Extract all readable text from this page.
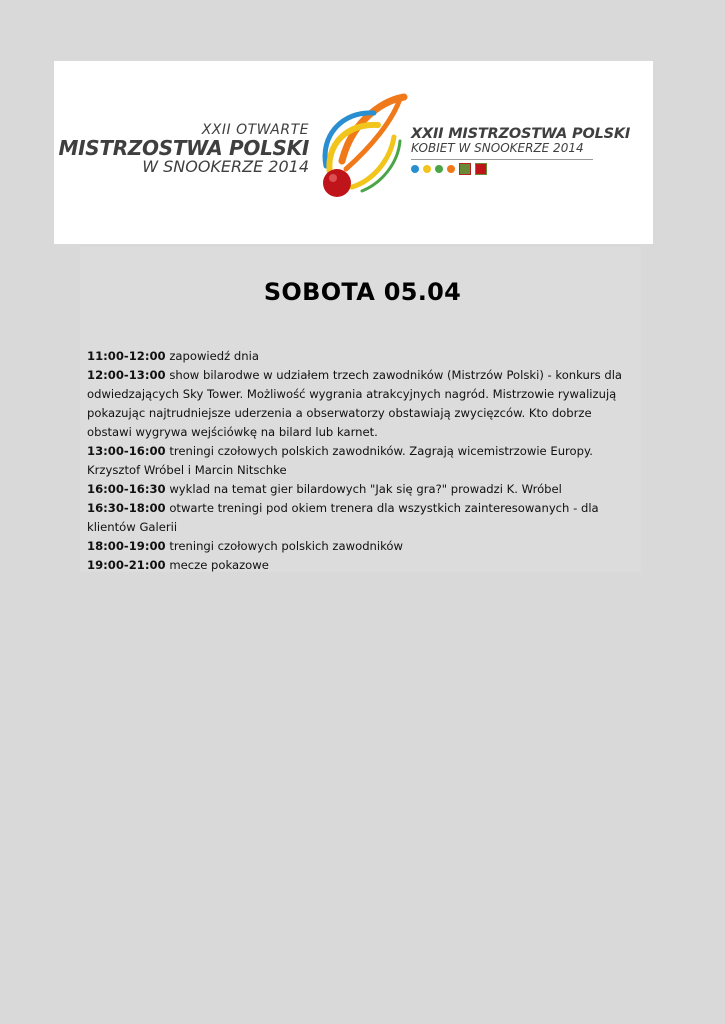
XXII OTWARTE
MISTRZOSTWA POLSKI
W SNOOKERZE 2014
XXII MISTRZOSTWA POLSKI
KOBIET W SNOOKERZE 2014
SOBOTA 05.04

11:00-12:00 zapowiedź dnia

12:00-13:00 show bilarodwe w udziałem trzech zawodników (Mistrzów Polski) - konkurs dla odwiedzających Sky Tower. Możliwość wygrania atrakcyjnych nagród. Mistrzowie rywalizują pokazując najtrudniejsze uderzenia a obserwatorzy obstawiają zwycięzców. Kto dobrze obstawi wygrywa wejściówkę na bilard lub karnet.

13:00-16:00 treningi czołowych polskich zawodników. Zagrają wicemistrzowie Europy. Krzysztof Wróbel i Marcin Nitschke

16:00-16:30 wyklad na temat gier bilardowych "Jak się gra?" prowadzi K. Wróbel

16:30-18:00 otwarte treningi pod okiem trenera dla wszystkich zainteresowanych - dla klientów Galerii

18:00-19:00 treningi czołowych polskich zawodników

19:00-21:00 mecze pokazowe
